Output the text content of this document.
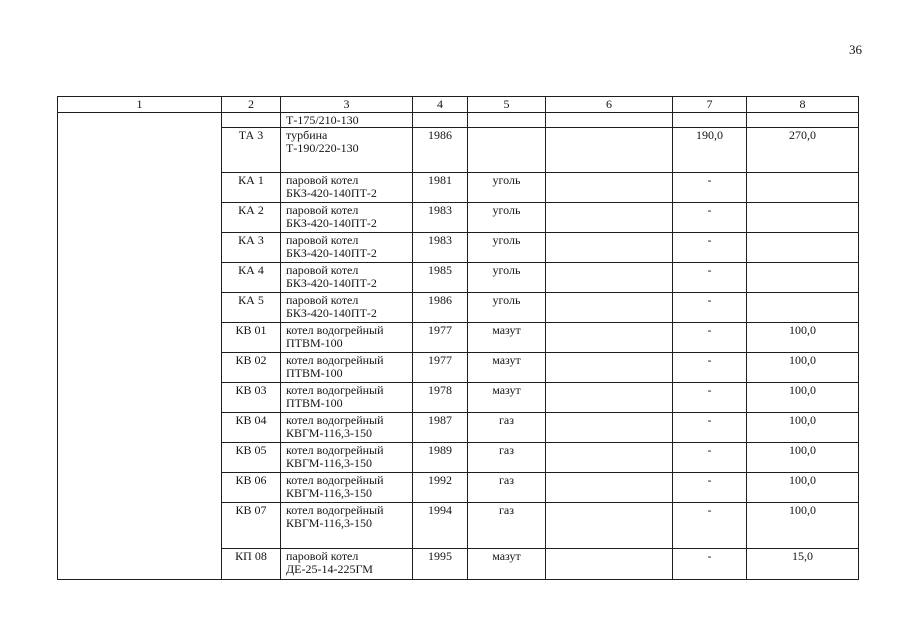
36
1	2	3	4	5	6	7	8

		Т-175/210-130					

	ТА 3	турбина
Т-190/220-130	1986			190,0	270,0
	КА 1	паровой котел
БКЗ-420-140ПТ-2	1981	уголь		-	
	КА 2	паровой котел
БКЗ-420-140ПТ-2	1983	уголь		-	
	КА 3	паровой котел
БКЗ-420-140ПТ-2	1983	уголь		-	
	КА 4	паровой котел
БКЗ-420-140ПТ-2	1985	уголь		-	
	КА 5	паровой котел
БКЗ-420-140ПТ-2	1986	уголь		-	
	КВ 01	котел водогрейный
ПТВМ-100	1977	мазут		-	100,0
	КВ 02	котел водогрейный
ПТВМ-100	1977	мазут		-	100,0
	КВ 03	котел водогрейный
ПТВМ-100	1978	мазут		-	100,0
	КВ 04	котел водогрейный
КВГМ-116,3-150	1987	газ		-	100,0
	КВ 05	котел водогрейный
КВГМ-116,3-150	1989	газ		-	100,0
	КВ 06	котел водогрейный
КВГМ-116,3-150	1992	газ		-	100,0
	КВ 07	котел водогрейный
КВГМ-116,3-150	1994	газ		-	100,0
	КП 08	паровой котел
ДЕ-25-14-225ГМ	1995	мазут		-	15,0
